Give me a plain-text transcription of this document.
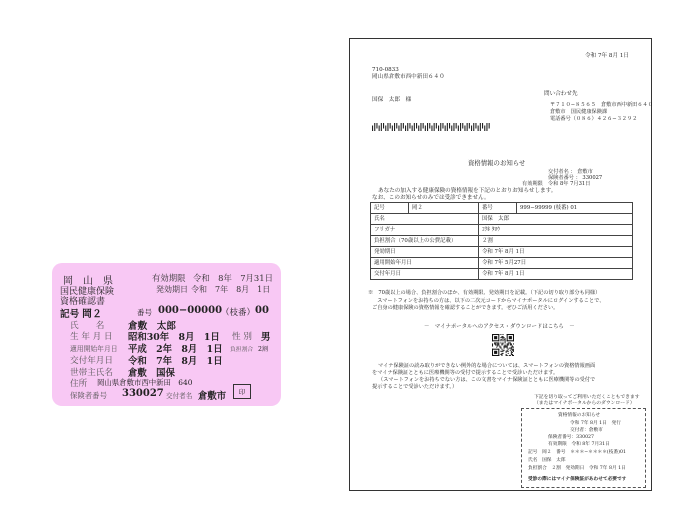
岡　山　県	有効期限 令和　8年　7月31日
国民健康保険	発効期日 令和　7年　8月　1日
資格確認書
記号 岡２	番号 000−00000
（枝番） 00
氏　　名 倉敷　太郎
生 年 月 日 昭和30年　8月　1日 性 別 男
適用開始年月日 平成　2年　8月　1日 負担割合 2割
交付年月日 令和　7年　8月　1日
世帯主氏名 倉敷　国保
住所 岡山県倉敷市西中新田　640
保険者番号 330027 交付者名 倉敷市	印
令和 7年 8月 1日
710-0833
岡山県倉敷市西中新田６４０
国保　太郎　様
問い合わせ先
〒７１０−８５６５　倉敷市西中新田６４０
倉敷市　国民健康保険課
電話番号（０８６）４２６−３２９２
資格情報のお知らせ
交付者名 ： 倉敷市
保険者番号 ： 330027
有効期限　令和 8年 7月31日
あなたの加入する健康保険の資格情報を下記のとおりお知らせします。
なお、このお知らせのみでは受診できません。
記号	岡２	番号	999−99999 (枝番) 01
氏名		国保　太郎	
フリガナ		ｺｸﾎ ﾀﾛｳ	
負担割合（70歳以上の公費記載）		２割	
発効期日		令和 7年 8月 1日	
適用開始年月日		令和 7年 5月27日	
交付年月日		令和 7年 8月 1日	
※　70歳以上の場合、負担割合のほか、有効期限、発効期日を記載。（下記の切り取り部分も同様）
　スマートフォンをお持ちの方は、以下の二次元コードからマイナポータルにログインすることで、
ご自身の健康保険の資格情報を確認することができます。ぜひご活用ください。
－　マイナポータルへのアクセス・ダウンロードはこちら　－
マイナ保険証の読み取りができない例外的な場合については、スマートフォンの資格情報画面
をマイナ保険証とともに医療機関等の受付で提示することで受診いただけます。
（スマートフォンをお持ちでない方は、この文書をマイナ保険証とともに医療機関等の受付で
提示することで受診いただけます。）
下記を切り取ってご利用いただくこともできます
（またはマイナポータルからのダウンロード）
資格情報のお知らせ
令和 7年 8月 1日　発行
交付者：倉敷市
保険者番号：330027
有効期限　令和 8年 7月31日
記号　岡２　番号　＊＊＊−＊＊＊＊(枝番)01
氏名　国保　太郎
負担割合　２割　発効期日　令和 7年 8月 1日
受診の際にはマイナ保険証があわせて必要です
